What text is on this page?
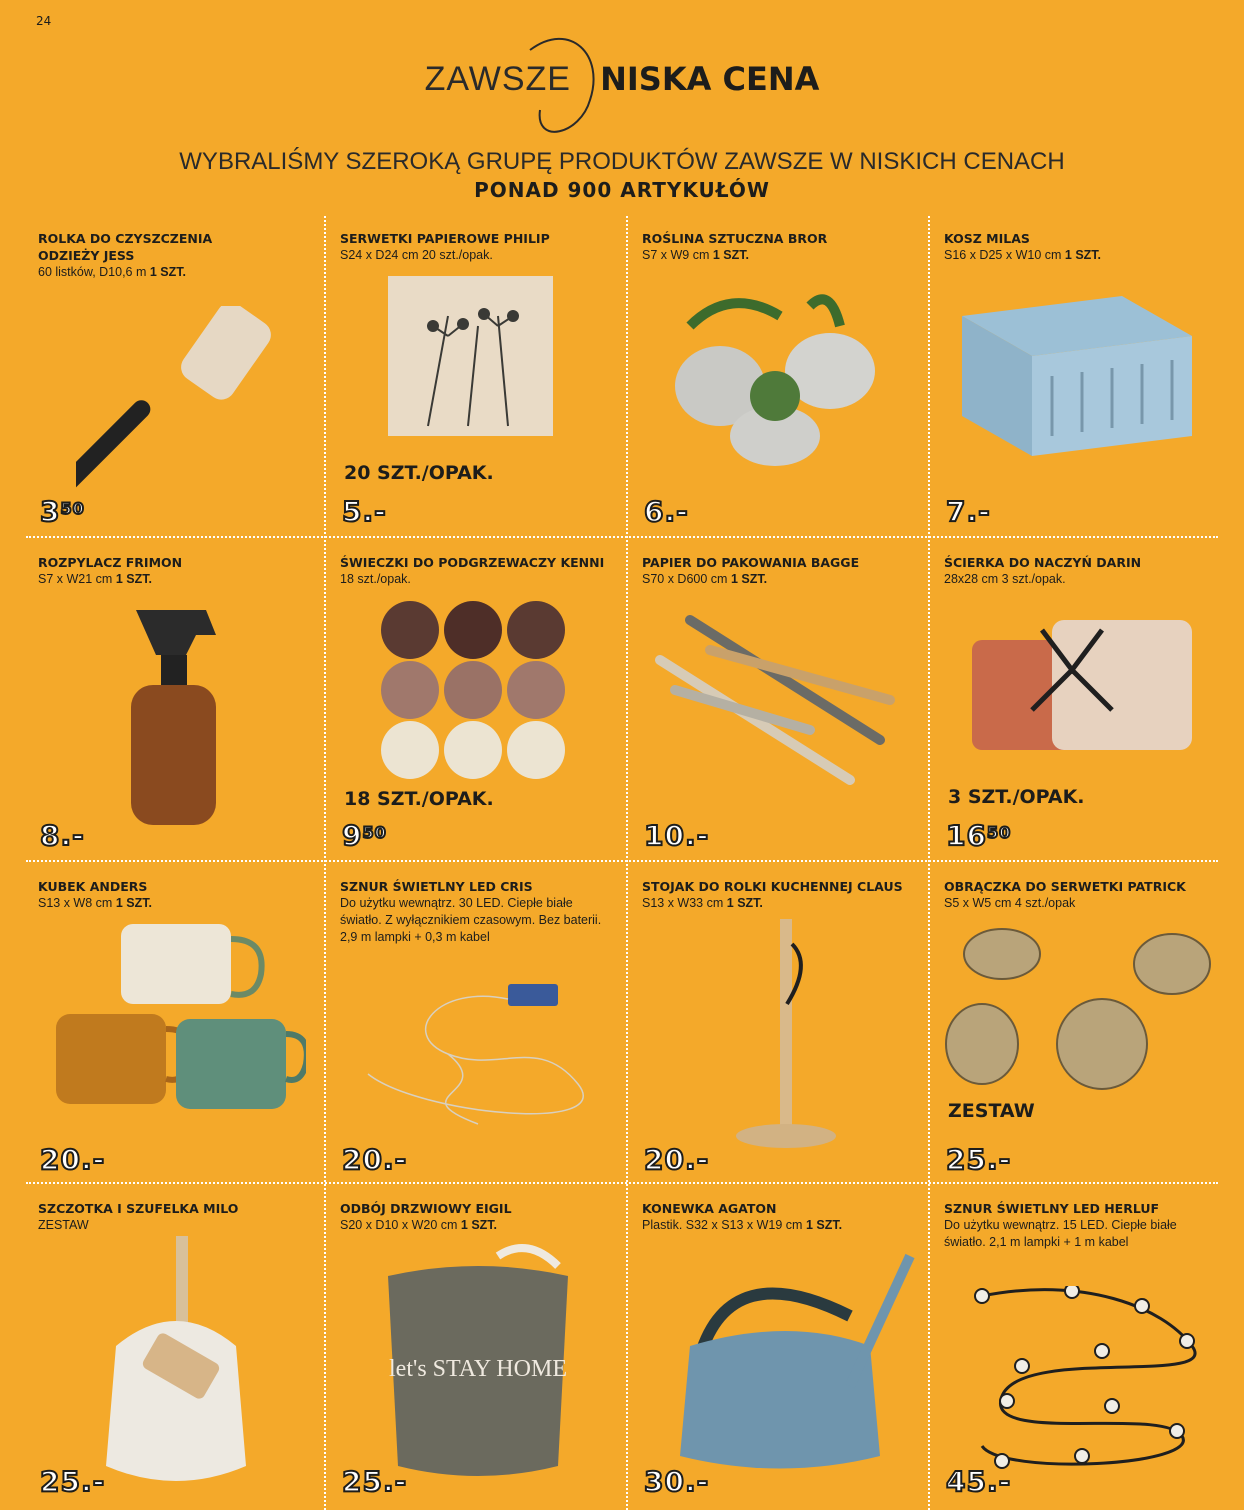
24
ZAWSZE NISKA CENA
WYBRALIŚMY SZEROKĄ GRUPĘ PRODUKTÓW ZAWSZE W NISKICH CENACH
PONAD 900 ARTYKUŁÓW
ROLKA DO CZYSZCZENIA ODZIEŻY JESS
60 listków, D10,6 m 1 SZT.
$3^{50}$
SERWETKI PAPIEROWE PHILIP
S24 x D24 cm 20 szt./opak.
20 SZT./OPAK.
5.-
ROŚLINA SZTUCZNA BROR
S7 x W9 cm 1 SZT.
6.-
KOSZ MILAS
S16 x D25 x W10 cm 1 SZT.
7.-
ROZPYLACZ FRIMON
S7 x W21 cm 1 SZT.
8.-
ŚWIECZKI DO PODGRZEWACZY KENNI
18 szt./opak.
18 SZT./OPAK.
$9^{50}$
PAPIER DO PAKOWANIA BAGGE
S70 x D600 cm 1 SZT.
10.-
ŚCIERKA DO NACZYŃ DARIN
28x28 cm 3 szt./opak.
3 SZT./OPAK.
$16^{50}$
KUBEK ANDERS
S13 x W8 cm 1 SZT.
20.-
SZNUR ŚWIETLNY LED CRIS
Do użytku wewnątrz. 30 LED. Ciepłe białe światło. Z wyłącznikiem czasowym. Bez baterii. 2,9 m lampki + 0,3 m kabel
20.-
STOJAK DO ROLKI KUCHENNEJ CLAUS
S13 x W33 cm 1 SZT.
20.-
OBRĄCZKA DO SERWETKI PATRICK
S5 x W5 cm 4 szt./opak
ZESTAW
25.-
SZCZOTKA I SZUFELKA MILO
ZESTAW
25.-
ODBÓJ DRZWIOWY EIGIL
S20 x D10 x W20 cm 1 SZT.
let's STAY HOME
25.-
KONEWKA AGATON
Plastik. S32 x S13 x W19 cm 1 SZT.
30.-
SZNUR ŚWIETLNY LED HERLUF
Do użytku wewnątrz. 15 LED. Ciepłe białe światło. 2,1 m lampki + 1 m kabel
45.-
